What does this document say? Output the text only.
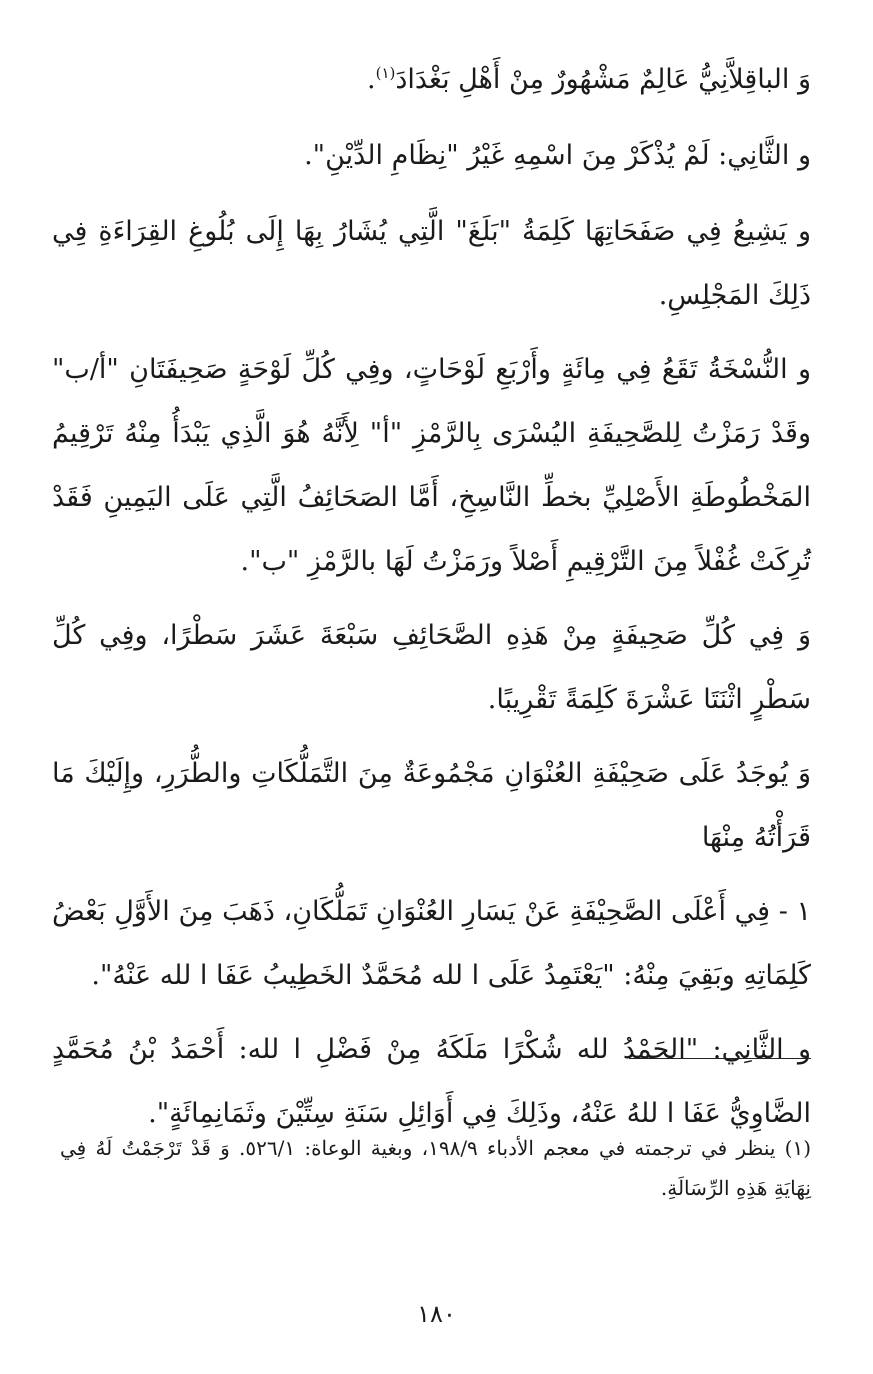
وَ الباقِلاَّنِيُّ عَالِمٌ مَشْهُورٌ مِنْ أَهْلِ بَغْدَادَ$^{(١)}$.

و الثَّانِي: لَمْ يُذْكَرْ مِنَ اسْمِهِ غَيْرُ "نِظَامِ الدِّيْنِ".

و يَشِيعُ فِي صَفَحَاتِهَا كَلِمَةُ "بَلَغَ" الَّتِي يُشَارُ بِهَا إِلَى بُلُوغِ القِرَاءَةِ فِي ذَلِكَ المَجْلِسِ.

و النُّسْخَةُ تَقَعُ فِي مِائَةٍ وأَرْبَعِ لَوْحَاتٍ، وفِي كُلِّ لَوْحَةٍ صَحِيفَتَانِ "أ/ب" وقَدْ رَمَزْتُ لِلصَّحِيفَةِ اليُسْرَى بِالرَّمْزِ "أ" لِأَنَّهُ هُوَ الَّذِي يَبْدَأُ مِنْهُ تَرْقِيمُ المَخْطُوطَةِ الأَصْلِيِّ بخطِّ النَّاسِخِ، أَمَّا الصَحَائِفُ الَّتِي عَلَى اليَمِينِ فَقَدْ تُرِكَتْ غُفْلاً مِنَ التَّرْقِيمِ أَصْلاً ورَمَزْتُ لَهَا بالرَّمْزِ "ب".

وَ فِي كُلِّ صَحِيفَةٍ مِنْ هَذِهِ الصَّحَائِفِ سَبْعَةَ عَشَرَ سَطْرًا، وفِي كُلِّ سَطْرٍ اثْنَتَا عَشْرَةَ كَلِمَةً تَقْرِيبًا.

وَ يُوجَدُ عَلَى صَحِيْفَةِ العُنْوَانِ مَجْمُوعَةٌ مِنَ التَّمَلُّكَاتِ والطُّرَرِ، وإِلَيْكَ مَا قَرَأْتُهُ مِنْهَا

١ - فِي أَعْلَى الصَّحِيْفَةِ عَنْ يَسَارِ العُنْوَانِ تَمَلُّكَانِ، ذَهَبَ مِنَ الأَوَّلِ بَعْضُ كَلِمَاتِهِ وبَقِيَ مِنْهُ: "يَعْتَمِدُ عَلَى ا لله مُحَمَّدٌ الخَطِيبُ عَفَا ا لله عَنْهُ".

و الثَّانِي: "الحَمْدُ لله شُكْرًا مَلَكَهُ مِنْ فَضْلِ ا لله: أَحْمَدُ بْنُ مُحَمَّدٍ الضَّاوِيُّ عَفَا ا للهُ عَنْهُ، وذَلِكَ فِي أَوَائِلِ سَنَةِ سِتِّيْنَ وثَمَانِمِائَةٍ".

(١) ينظر في ترجمته في معجم الأدباء ١٩٨/٩، وبغية الوعاة: ٥٢٦/١. وَ قَدْ تَرْجَمْتُ لَهُ فِي نِهَايَةِ هَذِهِ الرِّسَالَةِ.
١٨٠
